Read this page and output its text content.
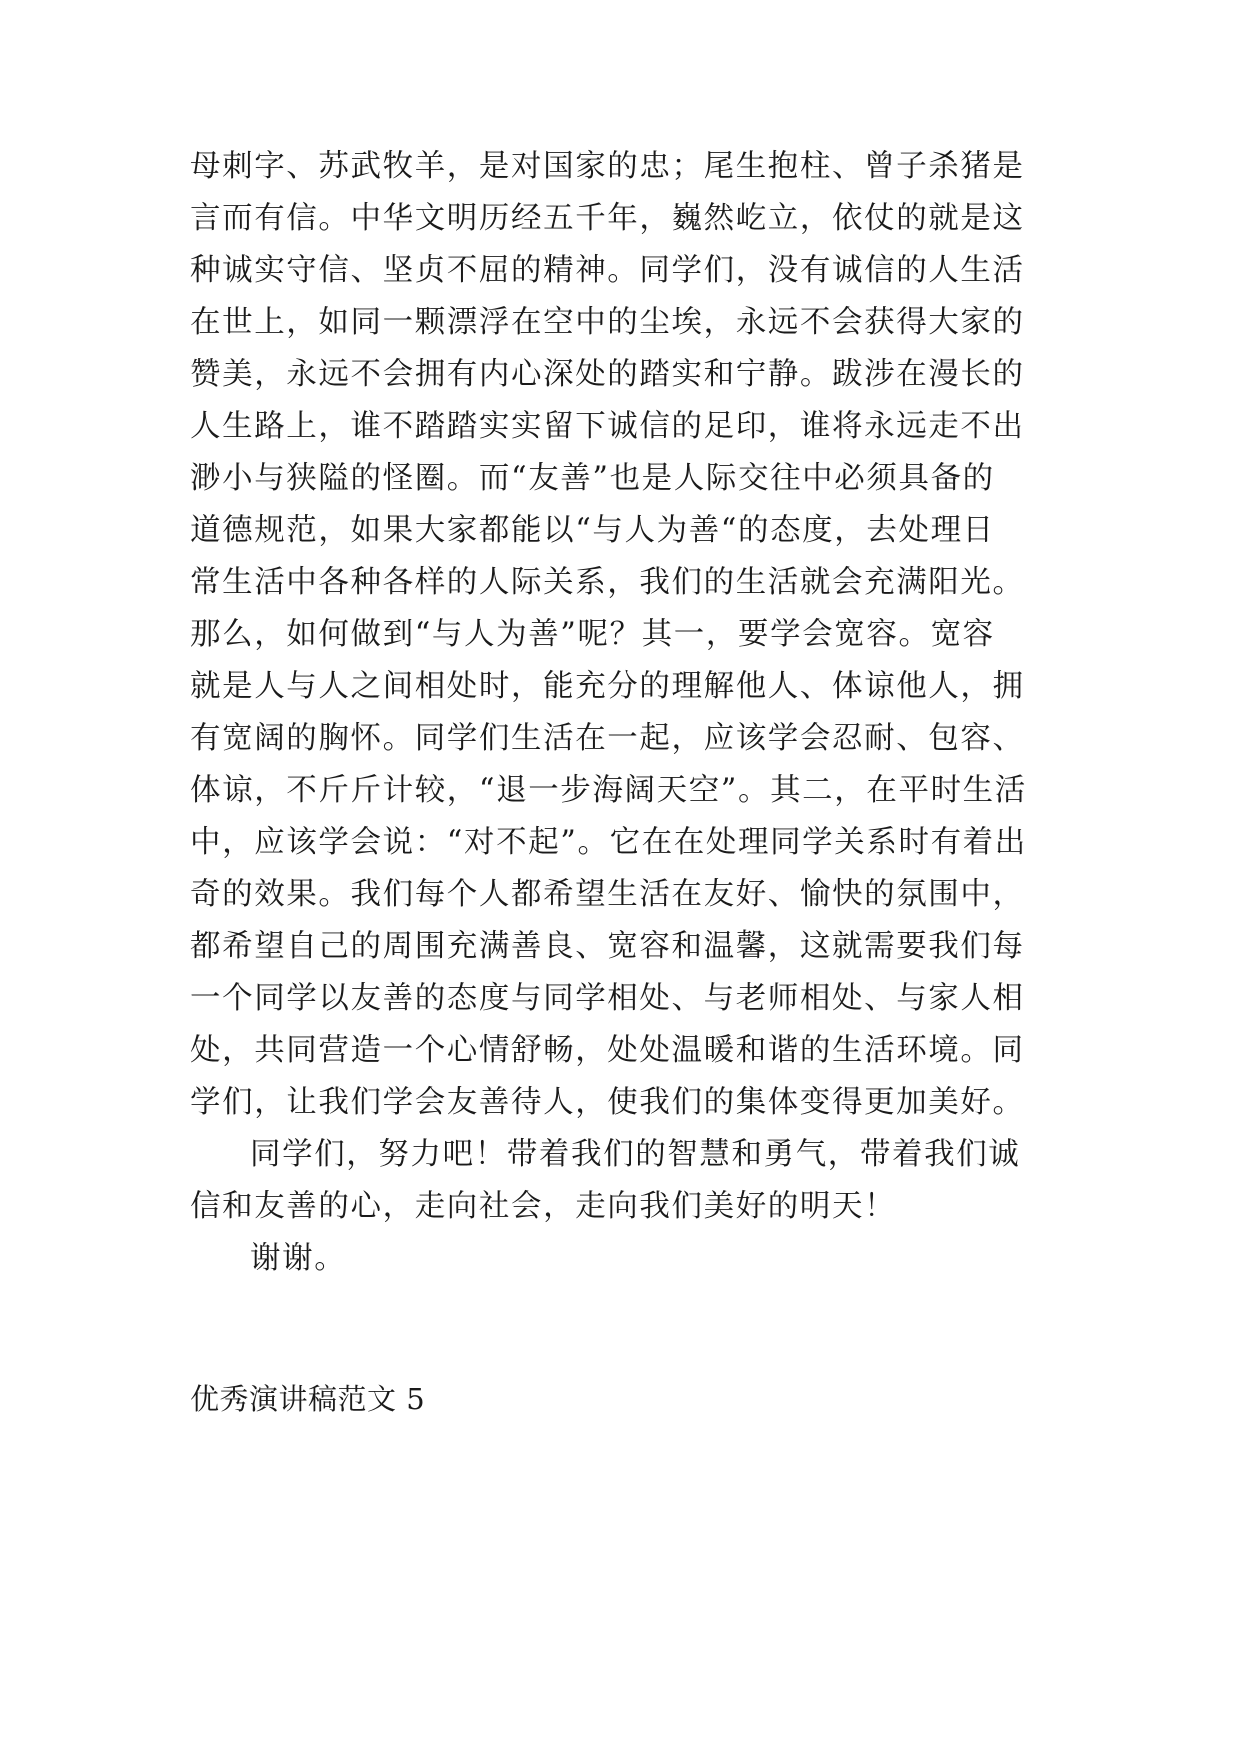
母刺字、苏武牧羊，是对国家的忠；尾生抱柱、曾子杀猪是
言而有信。中华文明历经五千年，巍然屹立，依仗的就是这
种诚实守信、坚贞不屈的精神。同学们，没有诚信的人生活
在世上，如同一颗漂浮在空中的尘埃，永远不会获得大家的
赞美，永远不会拥有内心深处的踏实和宁静。跋涉在漫长的
人生路上，谁不踏踏实实留下诚信的足印，谁将永远走不出
渺小与狭隘的怪圈。而“友善”也是人际交往中必须具备的
道德规范，如果大家都能以“与人为善“的态度，去处理日
常生活中各种各样的人际关系，我们的生活就会充满阳光。
那么，如何做到“与人为善”呢？其一，要学会宽容。宽容
就是人与人之间相处时，能充分的理解他人、体谅他人，拥
有宽阔的胸怀。同学们生活在一起，应该学会忍耐、包容、
体谅，不斤斤计较，“退一步海阔天空”。其二，在平时生活
中，应该学会说：“对不起”。它在在处理同学关系时有着出
奇的效果。我们每个人都希望生活在友好、愉快的氛围中，
都希望自己的周围充满善良、宽容和温馨，这就需要我们每
一个同学以友善的态度与同学相处、与老师相处、与家人相
处，共同营造一个心情舒畅，处处温暖和谐的生活环境。同
学们，让我们学会友善待人，使我们的集体变得更加美好。
同学们，努力吧！带着我们的智慧和勇气，带着我们诚
信和友善的心，走向社会，走向我们美好的明天！
谢谢。
优秀演讲稿范文 5
